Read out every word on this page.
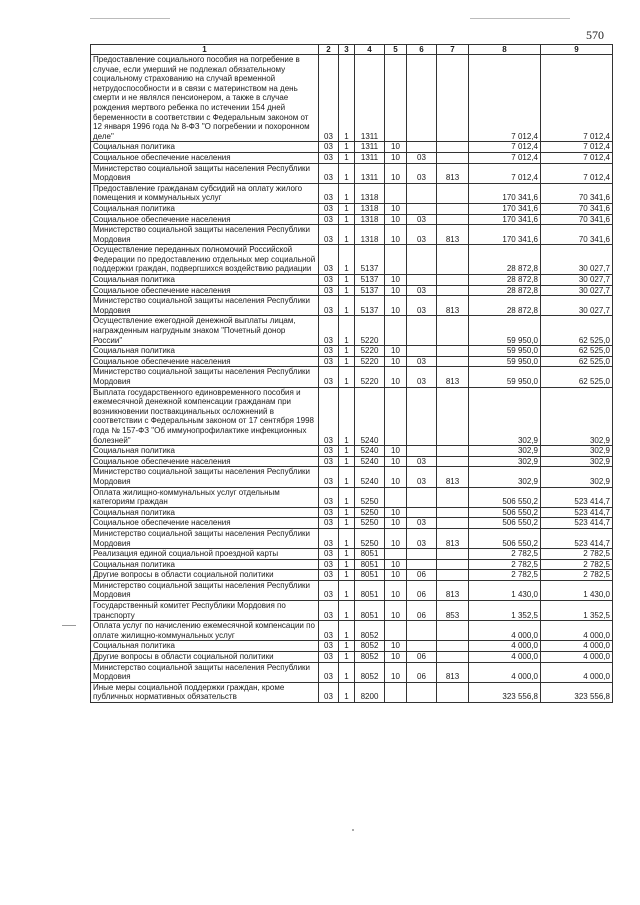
570
1	2	3	4	5	6	7	8	9
Предоставление социального пособия на погребение в случае, если умерший не подлежал обязательному социальному страхованию на случай временной нетрудоспособности и в связи с материнством на день смерти и не являлся пенсионером, а также в случае рождения мертвого ребенка по истечении 154 дней беременности в соответствии с Федеральным законом от 12 января 1996 года № 8-ФЗ "О погребении и похоронном деле"	03	1	1311				7 012,4	7 012,4
Социальная политика	03	1	1311	10			7 012,4	7 012,4
Социальное обеспечение населения	03	1	1311	10	03		7 012,4	7 012,4
Министерство социальной защиты населения Республики Мордовия	03	1	1311	10	03	813	7 012,4	7 012,4
Предоставление гражданам субсидий на оплату жилого помещения и коммунальных услуг	03	1	1318				170 341,6	70 341,6
Социальная политика	03	1	1318	10			170 341,6	70 341,6
Социальное обеспечение населения	03	1	1318	10	03		170 341,6	70 341,6
Министерство социальной защиты населения Республики Мордовия	03	1	1318	10	03	813	170 341,6	70 341,6
Осуществление переданных полномочий Российской Федерации по предоставлению отдельных мер социальной поддержки граждан, подвергшихся воздействию радиации	03	1	5137				28 872,8	30 027,7
Социальная политика	03	1	5137	10			28 872,8	30 027,7
Социальное обеспечение населения	03	1	5137	10	03		28 872,8	30 027,7
Министерство социальной защиты населения Республики Мордовия	03	1	5137	10	03	813	28 872,8	30 027,7
Осуществление ежегодной денежной выплаты лицам, награжденным нагрудным знаком "Почетный донор России"	03	1	5220				59 950,0	62 525,0
Социальная политика	03	1	5220	10			59 950,0	62 525,0
Социальное обеспечение населения	03	1	5220	10	03		59 950,0	62 525,0
Министерство социальной защиты населения Республики Мордовия	03	1	5220	10	03	813	59 950,0	62 525,0
Выплата государственного единовременного пособия и ежемесячной денежной компенсации гражданам при возникновении поствакцинальных осложнений в соответствии с Федеральным законом от 17 сентября 1998 года № 157-ФЗ "Об иммунопрофилактике инфекционных болезней"	03	1	5240				302,9	302,9
Социальная политика	03	1	5240	10			302,9	302,9
Социальное обеспечение населения	03	1	5240	10	03		302,9	302,9
Министерство социальной защиты населения Республики Мордовия	03	1	5240	10	03	813	302,9	302,9
Оплата жилищно-коммунальных услуг отдельным категориям граждан	03	1	5250				506 550,2	523 414,7
Социальная политика	03	1	5250	10			506 550,2	523 414,7
Социальное обеспечение населения	03	1	5250	10	03		506 550,2	523 414,7
Министерство социальной защиты населения Республики Мордовия	03	1	5250	10	03	813	506 550,2	523 414,7
Реализация единой социальной проездной карты	03	1	8051				2 782,5	2 782,5
Социальная политика	03	1	8051	10			2 782,5	2 782,5
Другие вопросы в области социальной политики	03	1	8051	10	06		2 782,5	2 782,5
Министерство социальной защиты населения Республики Мордовия	03	1	8051	10	06	813	1 430,0	1 430,0
Государственный комитет Республики Мордовия по транспорту	03	1	8051	10	06	853	1 352,5	1 352,5
Оплата услуг по начислению ежемесячной компенсации по оплате жилищно-коммунальных услуг	03	1	8052				4 000,0	4 000,0
Социальная политика	03	1	8052	10			4 000,0	4 000,0
Другие вопросы в области социальной политики	03	1	8052	10	06		4 000,0	4 000,0
Министерство социальной защиты населения Республики Мордовия	03	1	8052	10	06	813	4 000,0	4 000,0
Иные меры социальной поддержки граждан, кроме публичных нормативных обязательств	03	1	8200				323 556,8	323 556,8
